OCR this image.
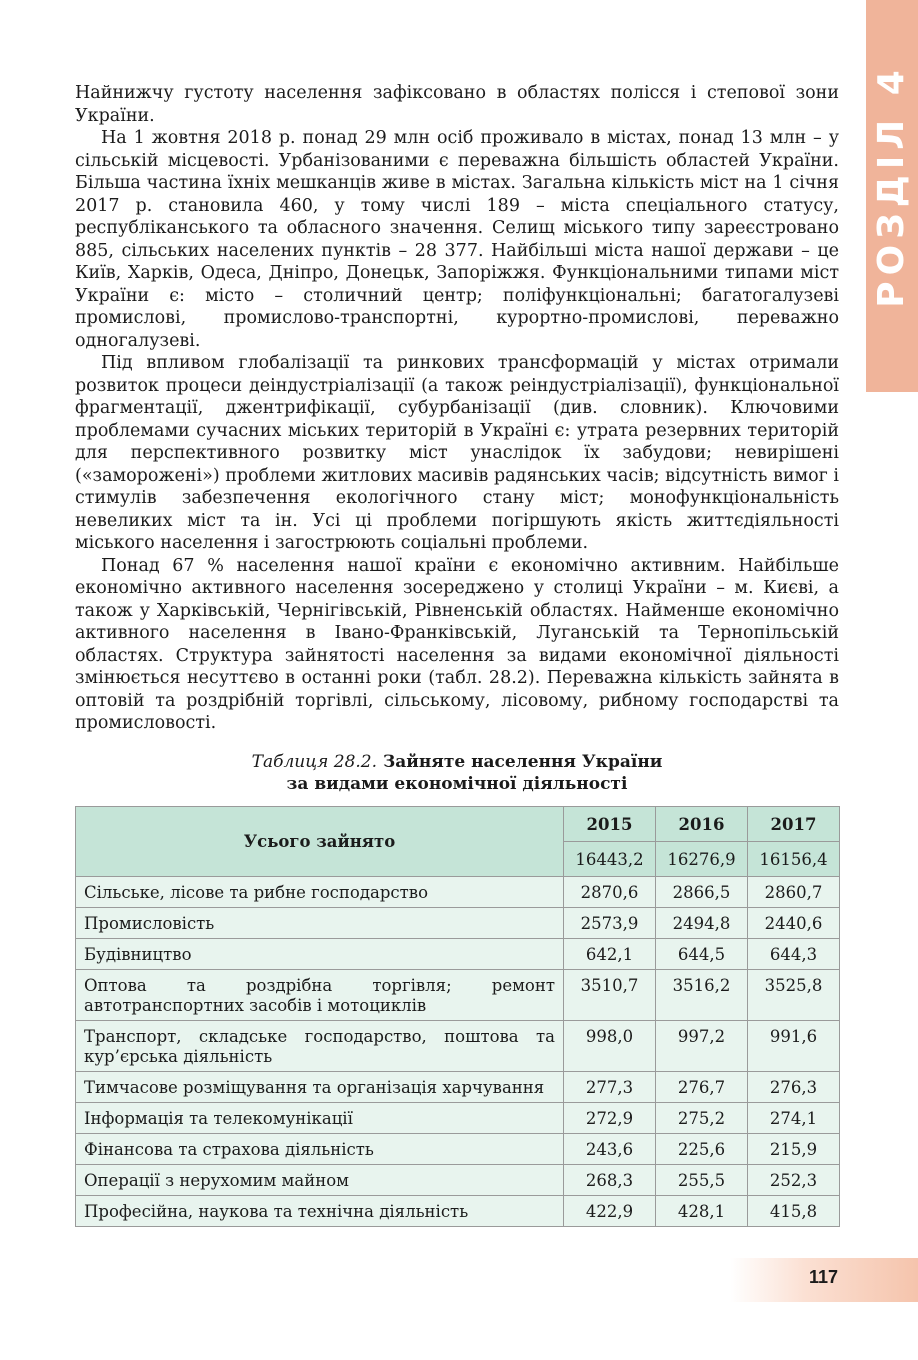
РОЗДІЛ 4

Найнижчу густоту населення зафіксовано в областях полісся і степової зони України.

На 1 жовтня 2018 р. понад 29 млн осіб проживало в містах, понад 13 млн – у сільській місцевості. Урбанізованими є переважна більшість областей України. Більша частина їхніх мешканців живе в містах. Загальна кількість міст на 1 січня 2017 р. становила 460, у тому числі 189 – міста спеціального статусу, республіканського та обласного значення. Селищ міського типу зареєстровано 885, сільських населених пунктів – 28 377. Найбільші міста нашої держави – це Київ, Харків, Одеса, Дніпро, Донецьк, Запоріжжя. Функціональними типами міст України є: місто – столичний центр; поліфункціональні; багатогалузеві промислові, промислово-транспортні, курортно-промислові, переважно одногалузеві.

Під впливом глобалізації та ринкових трансформацій у містах отримали розвиток процеси деіндустріалізації (а також реіндустріалізації), функціональної фрагментації, джентрифікації, субурбанізації (див. словник). Ключовими проблемами сучасних міських територій в Україні є: утрата резервних територій для перспективного розвитку міст унаслідок їх забудови; невирішені («заморожені») проблеми житлових масивів радянських часів; відсутність вимог і стимулів забезпечення екологічного стану міст; монофункціональність невеликих міст та ін. Усі ці проблеми погіршують якість життєдіяльності міського населення і загострюють соціальні проблеми.

Понад 67 % населення нашої країни є економічно активним. Найбільше економічно активного населення зосереджено у столиці України – м. Києві, а також у Харківській, Чернігівській, Рівненській областях. Найменше економічно активного населення в Івано-Франківській, Луганській та Тернопільській областях. Структура зайнятості населення за видами економічної діяльності змінюється несуттєво в останні роки (табл. 28.2). Переважна кількість зайнята в оптовій та роздрібній торгівлі, сільському, лісовому, рибному господарстві та промисловості.

Таблиця 28.2. Зайняте населення України
за видами економічної діяльності
Усього зайнято	2015	2016	2017
	16443,2	16276,9	16156,4
Сільське, лісове та рибне господарство	2870,6	2866,5	2860,7
Промисловість	2573,9	2494,8	2440,6
Будівництво	642,1	644,5	644,3
Оптова та роздрібна торгівля; ремонт автотранспортних засобів і мотоциклів	3510,7	3516,2	3525,8
Транспорт, складське господарство, поштова та кур’єрська діяльність	998,0	997,2	991,6
Тимчасове розміщування та організація харчування	277,3	276,7	276,3
Інформація та телекомунікації	272,9	275,2	274,1
Фінансова та страхова діяльність	243,6	225,6	215,9
Операції з нерухомим майном	268,3	255,5	252,3
Професійна, наукова та технічна діяльність	422,9	428,1	415,8
117
